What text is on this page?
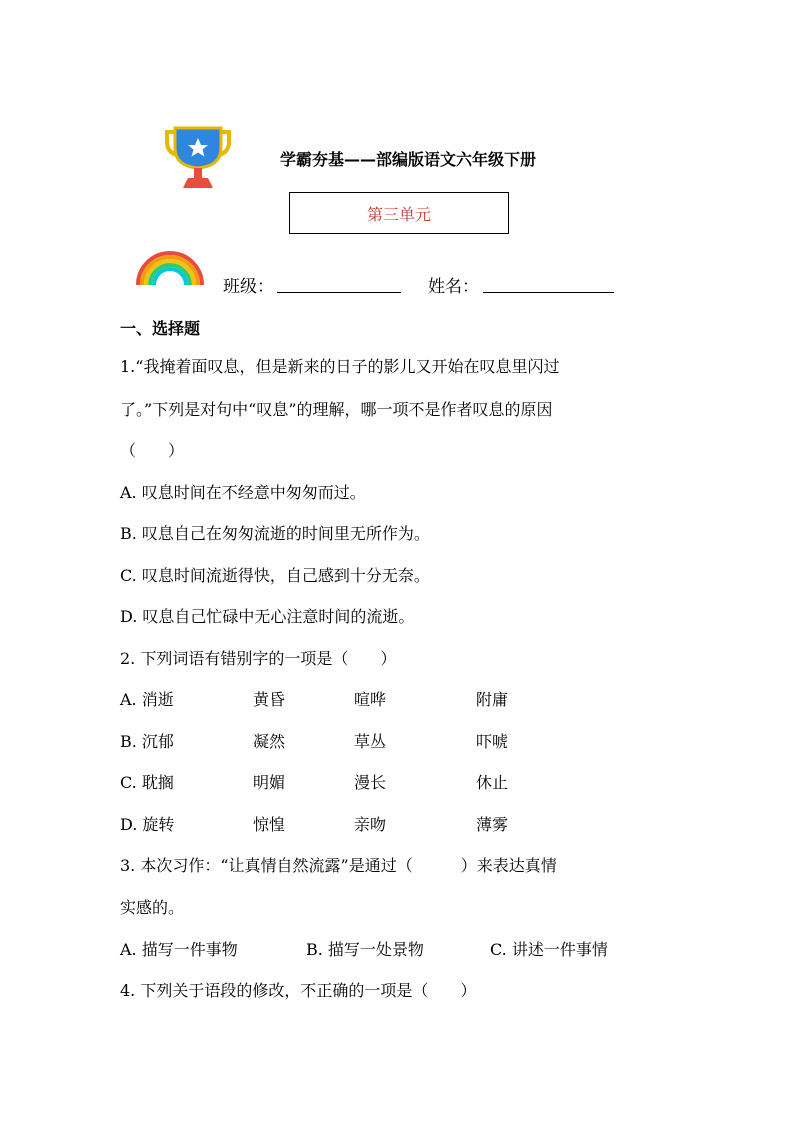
学霸夯基——部编版语文六年级下册
第三单元
班级：	姓名：
一、选择题
1.“我掩着面叹息，但是新来的日子的影儿又开始在叹息里闪过
了。”下列是对句中“叹息”的理解，哪一项不是作者叹息的原因
（　　）
A. 叹息时间在不经意中匆匆而过。
B. 叹息自己在匆匆流逝的时间里无所作为。
C. 叹息时间流逝得快，自己感到十分无奈。
D. 叹息自己忙碌中无心注意时间的流逝。
2. 下列词语有错别字的一项是（　　）
A. 消逝	黄昏	喧哗	附庸
B. 沉郁	凝然	草丛	吓唬
C. 耽搁	明媚	漫长	休止
D. 旋转	惊惶	亲吻	薄雾
3. 本次习作：“让真情自然流露”是通过（　　　）来表达真情
实感的。
A. 描写一件事物	B. 描写一处景物	C. 讲述一件事情
4. 下列关于语段的修改，不正确的一项是（　　）
